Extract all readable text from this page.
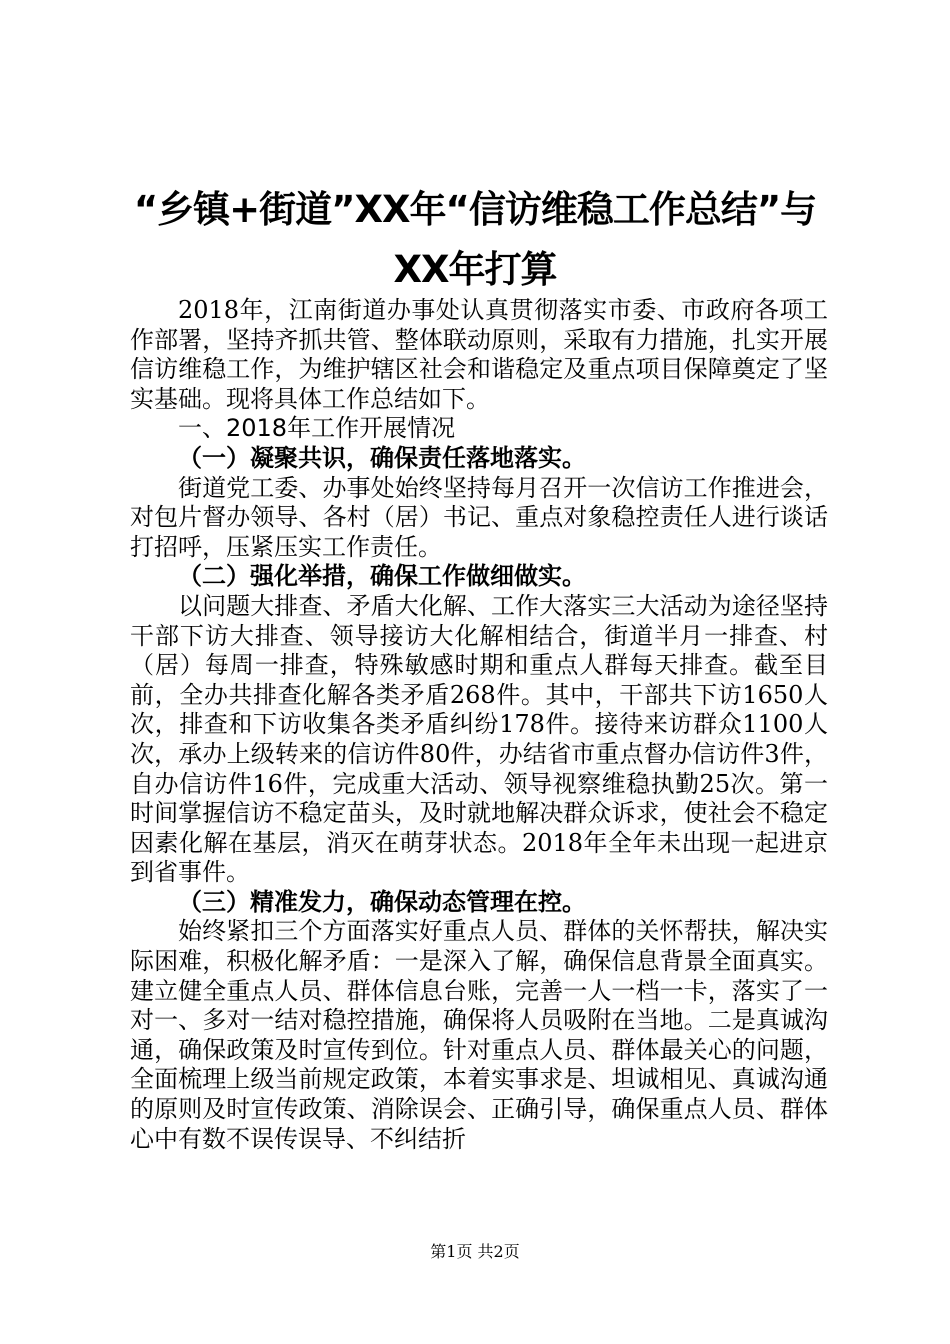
“乡镇+街道”XX年“信访维稳工作总结”与
XX年打算

2018年，江南街道办事处认真贯彻落实市委、市政府各项工作部署，坚持齐抓共管、整体联动原则，采取有力措施，扎实开展信访维稳工作，为维护辖区社会和谐稳定及重点项目保障奠定了坚实基础。现将具体工作总结如下。

一、2018年工作开展情况

（一）凝聚共识，确保责任落地落实。

街道党工委、办事处始终坚持每月召开一次信访工作推进会，对包片督办领导、各村（居）书记、重点对象稳控责任人进行谈话打招呼，压紧压实工作责任。

（二）强化举措，确保工作做细做实。

以问题大排查、矛盾大化解、工作大落实三大活动为途径坚持干部下访大排查、领导接访大化解相结合，街道半月一排查、村（居）每周一排查，特殊敏感时期和重点人群每天排查。截至目前，全办共排查化解各类矛盾268件。其中，干部共下访1650人次，排查和下访收集各类矛盾纠纷178件。接待来访群众1100人次，承办上级转来的信访件80件，办结省市重点督办信访件3件，自办信访件16件，完成重大活动、领导视察维稳执勤25次。第一时间掌握信访不稳定苗头，及时就地解决群众诉求，使社会不稳定因素化解在基层，消灭在萌芽状态。2018年全年未出现一起进京到省事件。

（三）精准发力，确保动态管理在控。

始终紧扣三个方面落实好重点人员、群体的关怀帮扶，解决实际困难，积极化解矛盾：一是深入了解，确保信息背景全面真实。建立健全重点人员、群体信息台账，完善一人一档一卡，落实了一对一、多对一结对稳控措施，确保将人员吸附在当地。二是真诚沟通，确保政策及时宣传到位。针对重点人员、群体最关心的问题，全面梳理上级当前规定政策，本着实事求是、坦诚相见、真诚沟通的原则及时宣传政策、消除误会、正确引导，确保重点人员、群体心中有数不误传误导、不纠结折

第1页 共2页
